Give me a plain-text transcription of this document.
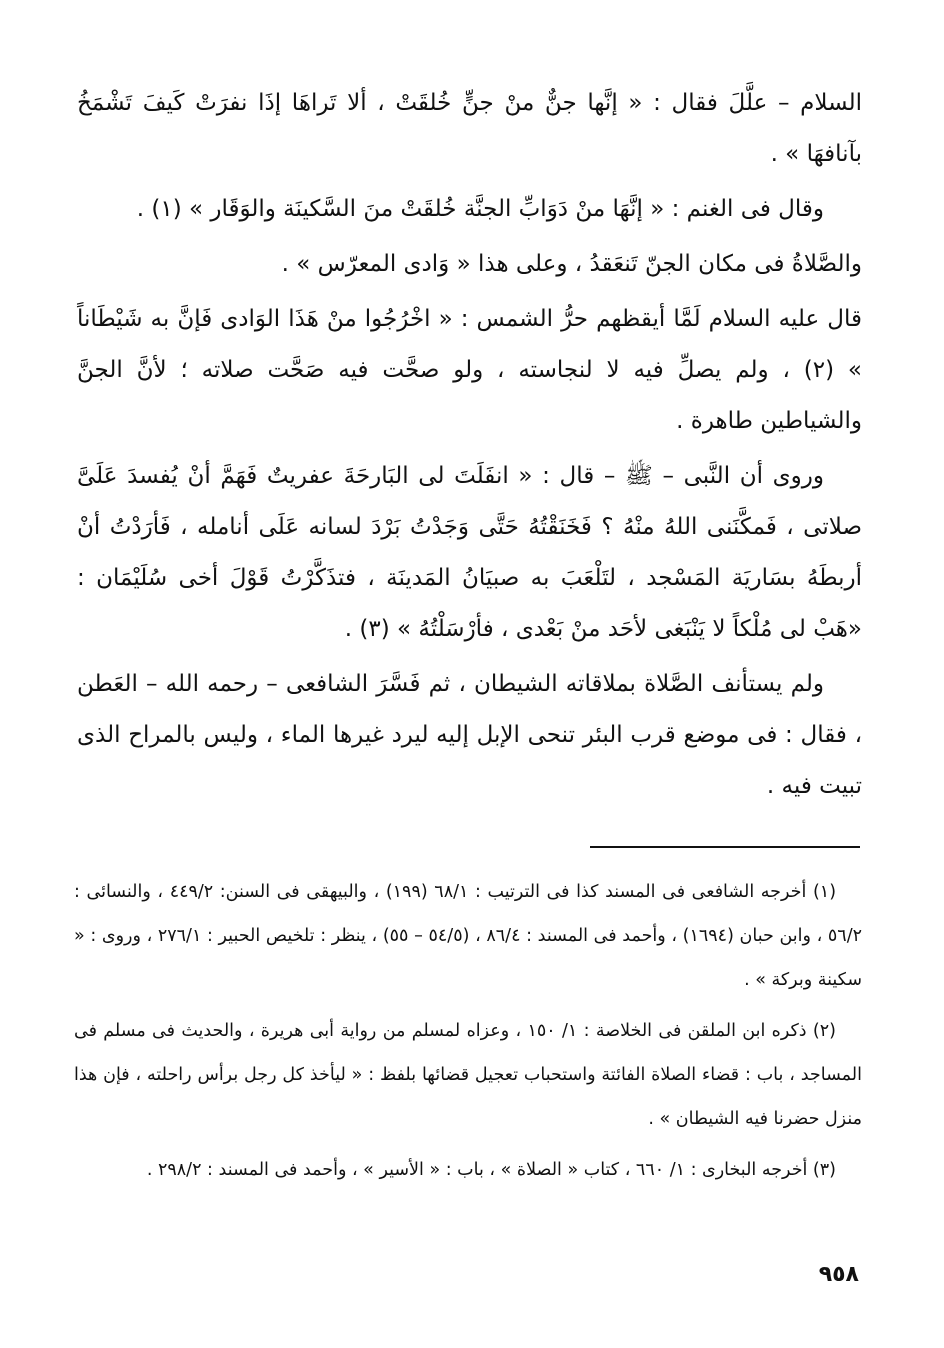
السلام – علَّلَ فقال : « إنَّها جنٌّ منْ جنٍّ خُلقَتْ ، ألا تَراهَا إذَا نفرَتْ كَيفَ تَشْمَخُ بآنافهَا » .

وقال فى الغنم : « إنَّهَا منْ دَوَابِّ الجنَّة خُلقَتْ منَ السَّكينَة والوَقَار » (١) .

والصَّلاةُ فى مكان الجنّ تَنعَقدُ ، وعلى هذا « وَادى المعرّس » .

قال عليه السلام لَمَّا أيقظهم حرُّ الشمس : « اخْرُجُوا منْ هَذَا الوَادى فَإنَّ به شَيْطَاناً » (٢) ، ولم يصلِّ فيه لا لنجاسته ، ولو صحَّت فيه صَحَّت صلاته ؛ لأنَّ الجنَّ والشياطين طاهرة .

وروى أن النَّبى – ﷺ – قال : « انفَلَتَ لى البَارحَةَ عفريتٌ فَهَمَّ أنْ يُفسدَ عَلَىَّ صلاتى ، فَمكَّنَنى اللهُ منْهُ ؟ فَخَنَقْتُهُ حَتَّى وَجَدْتُ بَرْدَ لسانه عَلَى أنامله ، فَأرَدْتُ أنْ أربطَهُ بسَاريَة المَسْجد ، لتَلْعَبَ به صبيَانُ المَدينَة ، فتذَكَّرْتُ قَوْلَ أخى سُلَيْمَان : «هَبْ لى مُلْكاً لا يَنْبَغى لأحَد منْ بَعْدى ، فأرْسَلْتُهُ » (٣) .

ولم يستأنف الصَّلاة بملاقاته الشيطان ، ثم فَسَّرَ الشافعى – رحمه الله – العَطن ، فقال : فى موضع قرب البئر تنحى الإبل إليه ليرد غيرها الماء ، وليس بالمراح الذى تبيت فيه .

(١) أخرجه الشافعى فى المسند كذا فى الترتيب : ٦٨/١ (١٩٩) ، والبيهقى فى السنن: ٤٤٩/٢ ، والنسائى : ٥٦/٢ ، وابن حبان (١٦٩٤) ، وأحمد فى المسند : ٨٦/٤ ، (٥٤/٥ – ٥٥) ، ينظر : تلخيص الحبير : ٢٧٦/١ ، وروى : « سكينة وبركة » .

(٢) ذكره ابن الملقن فى الخلاصة : ١/ ١٥٠ ، وعزاه لمسلم من رواية أبى هريرة ، والحديث فى مسلم فى المساجد ، باب : قضاء الصلاة الفائتة واستحباب تعجيل قضائها بلفظ : « ليأخذ كل رجل برأس راحلته ، فإن هذا منزل حضرنا فيه الشيطان » .

(٣) أخرجه البخارى : ١/ ٦٦٠ ، كتاب « الصلاة » ، باب : « الأسير » ، وأحمد فى المسند : ٢٩٨/٢ .

٩٥٨
